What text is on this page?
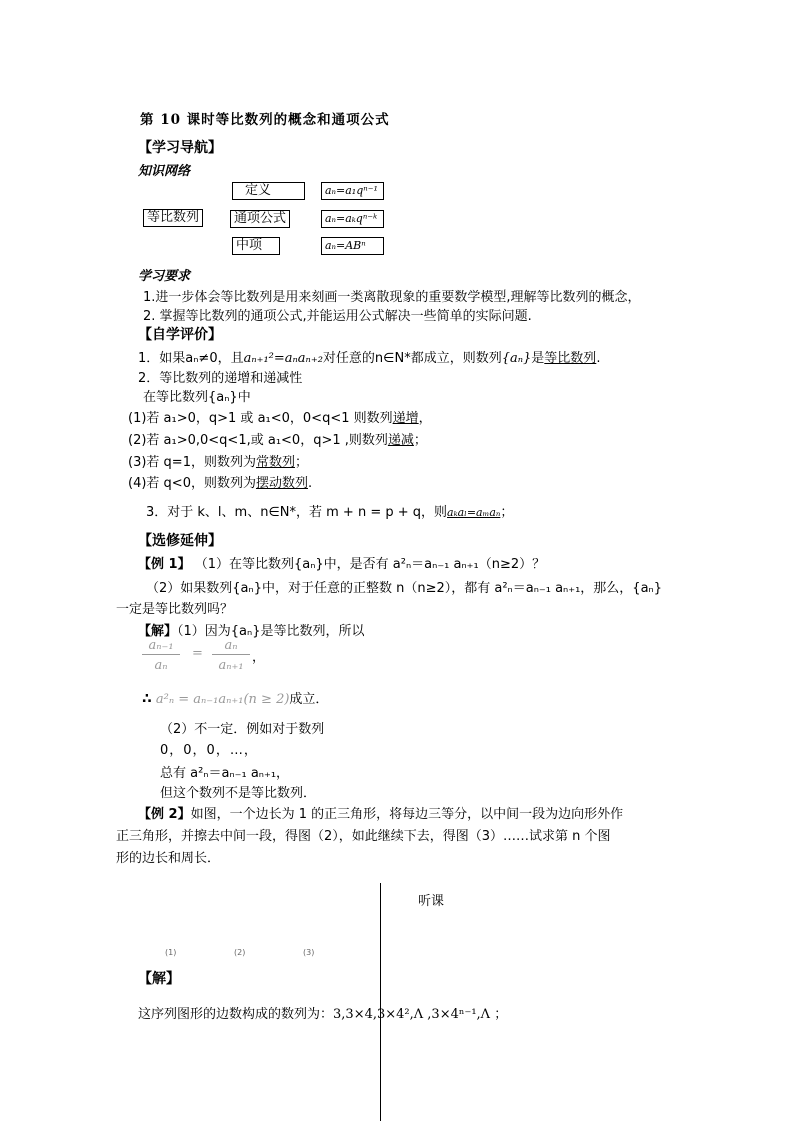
第 10 课时等比数列的概念和通项公式
【学习导航】
知识网络
等比数列
定义
通项公式
中项
aₙ=a₁qⁿ⁻¹
aₙ=aₖqⁿ⁻ᵏ
aₙ=ABⁿ
学习要求
1.进一步体会等比数列是用来刻画一类离散现象的重要数学模型,理解等比数列的概念，
2. 掌握等比数列的通项公式,并能运用公式解决一些简单的实际问题.
【自学评价】
1．如果aₙ≠0，且aₙ₊₁²=aₙaₙ₊₂对任意的n∈N*都成立，则数列{aₙ}是等比数列.
2．等比数列的递增和递减性
在等比数列{aₙ}中
(1)若 a₁>0，q>1 或 a₁<0，0<q<1 则数列递增，
(2)若 a₁>0,0<q<1,或 a₁<0，q>1 ,则数列递减；
(3)若 q=1，则数列为常数列；
(4)若 q<0，则数列为摆动数列.
3．对于 k、l、m、n∈N*，若 m + n = p + q，则aₖaₗ=aₘaₙ；
【选修延伸】
【例 1】 （1）在等比数列{aₙ}中，是否有 a²ₙ＝aₙ₋₁ aₙ₊₁（n≥2）？
（2）如果数列{aₙ}中，对于任意的正整数 n（n≥2），都有 a²ₙ＝aₙ₋₁ aₙ₊₁，那么，{aₙ}
一定是等比数列吗？
【解】（1）因为{aₙ}是等比数列，所以
aₙ₋₁
aₙ
=
aₙ
aₙ₊₁
，
∴ a²ₙ = aₙ₋₁aₙ₊₁(n ≥ 2)成立．
（2）不一定．例如对于数列
0，0，0，…，
总有 a²ₙ＝aₙ₋₁ aₙ₊₁，
但这个数列不是等比数列．
【例 2】如图，一个边长为 1 的正三角形，将每边三等分，以中间一段为边向形外作
正三角形，并擦去中间一段，得图（2），如此继续下去，得图（3）……试求第 n 个图
形的边长和周长．
听课
(1)	(2)	(3)
【解】
这序列图形的边数构成的数列为：3,3×4,3×4²,Λ ,3×4ⁿ⁻¹,Λ ；
